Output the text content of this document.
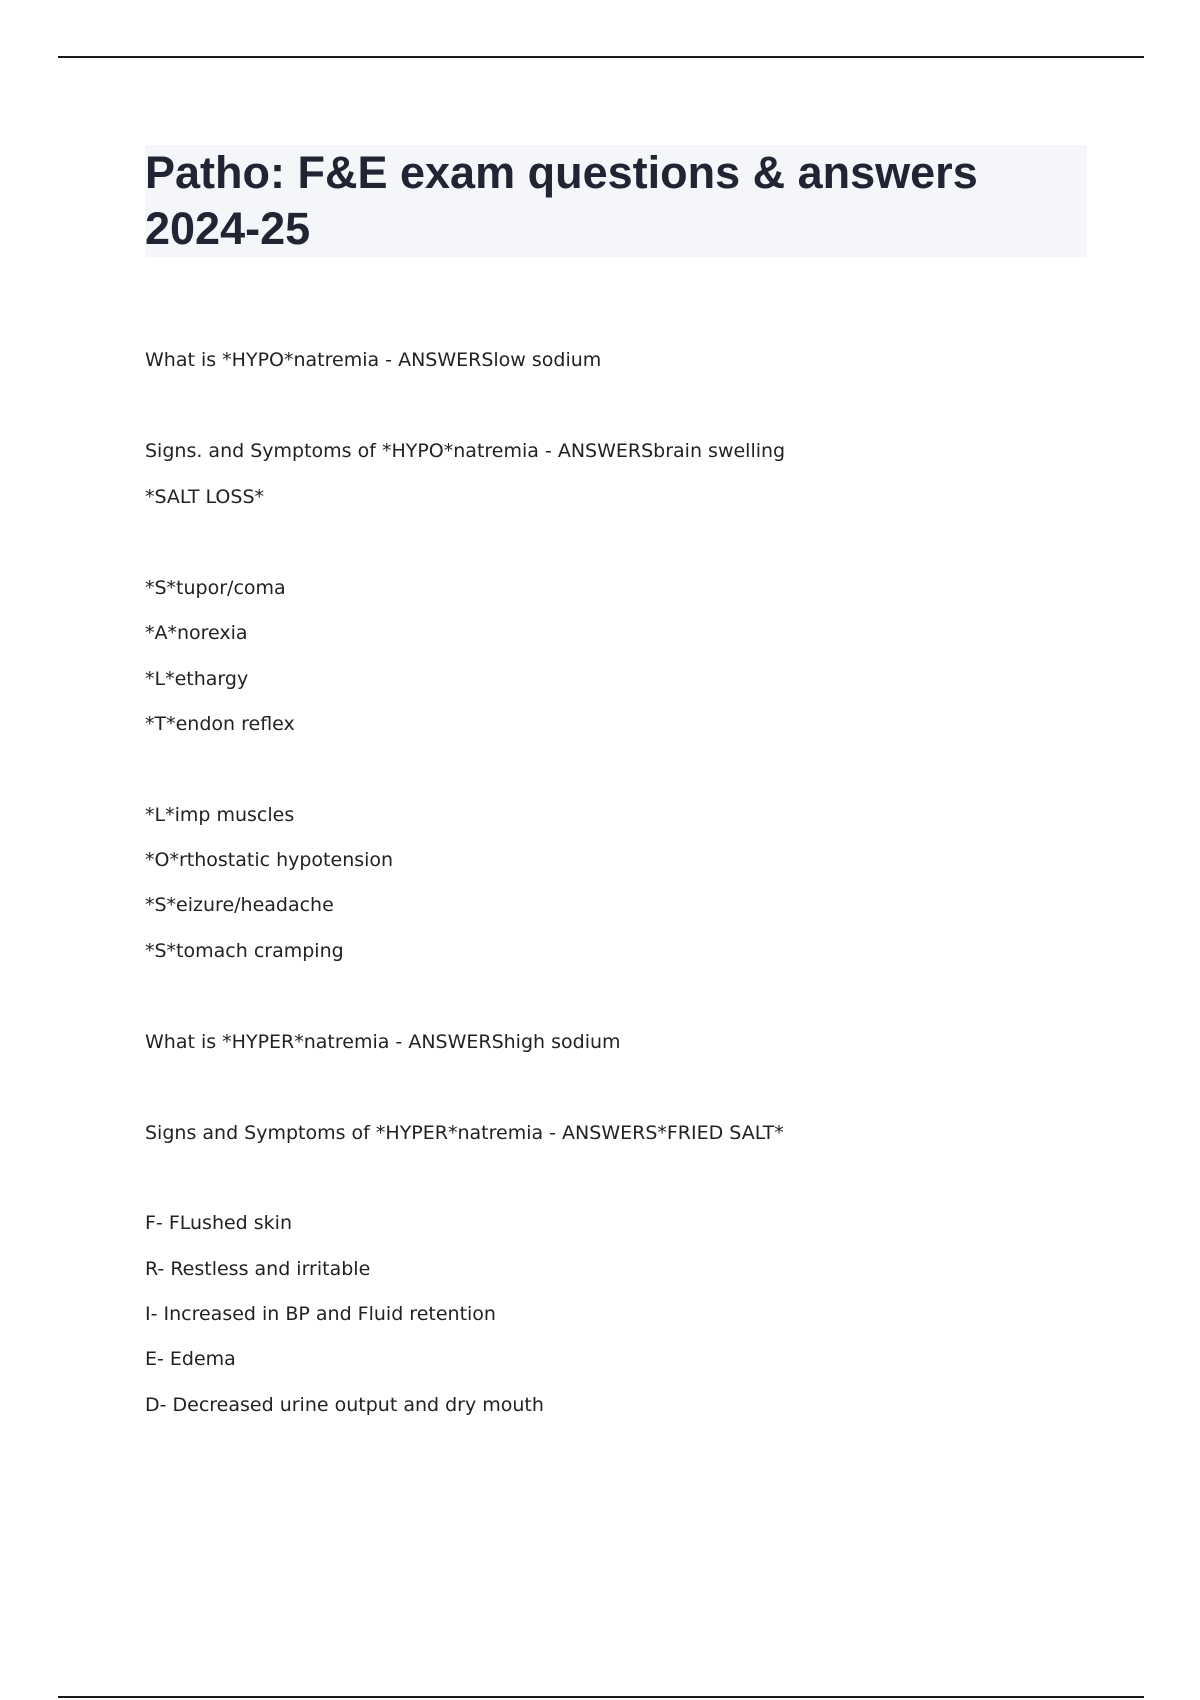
Patho: F&E exam questions & answers 2024-25
What is *HYPO*natremia - ANSWERSlow sodium
Signs. and Symptoms of *HYPO*natremia - ANSWERSbrain swelling
*SALT LOSS*
*S*tupor/coma
*A*norexia
*L*ethargy
*T*endon reflex
*L*imp muscles
*O*rthostatic hypotension
*S*eizure/headache
*S*tomach cramping
What is *HYPER*natremia - ANSWERShigh sodium
Signs and Symptoms of *HYPER*natremia - ANSWERS*FRIED SALT*
F- FLushed skin
R- Restless and irritable
I- Increased in BP and Fluid retention
E- Edema
D- Decreased urine output and dry mouth
